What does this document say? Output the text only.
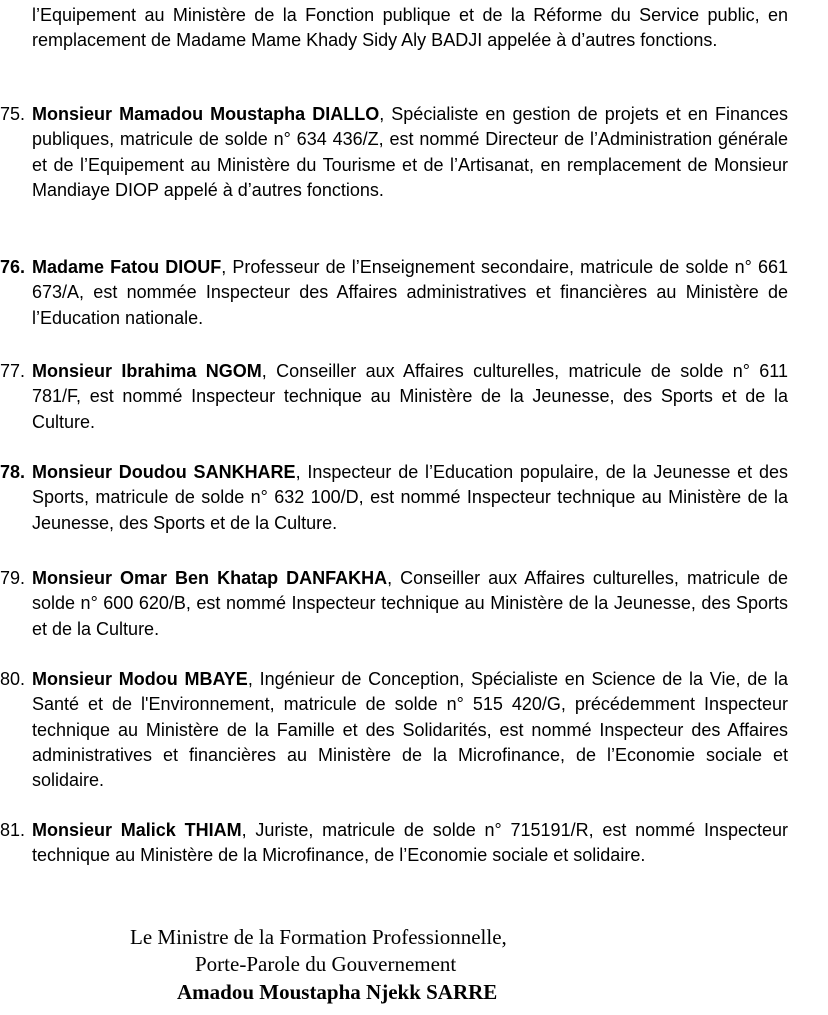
l’Equipement au Ministère de la Fonction publique et de la Réforme du Service public, en remplacement de Madame Mame Khady Sidy Aly BADJI appelée à d’autres fonctions.

75. Monsieur Mamadou Moustapha DIALLO, Spécialiste en gestion de projets et en Finances publiques, matricule de solde n° 634 436/Z, est nommé Directeur de l’Administration générale et de l’Equipement au Ministère du Tourisme et de l’Artisanat, en remplacement de Monsieur Mandiaye DIOP appelé à d’autres fonctions.

76. Madame Fatou DIOUF, Professeur de l’Enseignement secondaire, matricule de solde n° 661 673/A, est nommée Inspecteur des Affaires administratives et financières au Ministère de l’Education nationale.

77. Monsieur Ibrahima NGOM, Conseiller aux Affaires culturelles, matricule de solde n° 611 781/F, est nommé Inspecteur technique au Ministère de la Jeunesse, des Sports et de la Culture.

78. Monsieur Doudou SANKHARE, Inspecteur de l’Education populaire, de la Jeunesse et des Sports, matricule de solde n° 632 100/D, est nommé Inspecteur technique au Ministère de la Jeunesse, des Sports et de la Culture.

79. Monsieur Omar Ben Khatap DANFAKHA, Conseiller aux Affaires culturelles, matricule de solde n° 600 620/B, est nommé Inspecteur technique au Ministère de la Jeunesse, des Sports et de la Culture.

80. Monsieur Modou MBAYE, Ingénieur de Conception, Spécialiste en Science de la Vie, de la Santé et de l'Environnement, matricule de solde n° 515 420/G, précédemment Inspecteur technique au Ministère de la Famille et des Solidarités, est nommé Inspecteur des Affaires administratives et financières au Ministère de la Microfinance, de l’Economie sociale et solidaire.

81. Monsieur Malick THIAM, Juriste, matricule de solde n° 715191/R, est nommé Inspecteur technique au Ministère de la Microfinance, de l’Economie sociale et solidaire.

Le Ministre de la Formation Professionnelle,
Porte-Parole du Gouvernement
Amadou Moustapha Njekk SARRE
